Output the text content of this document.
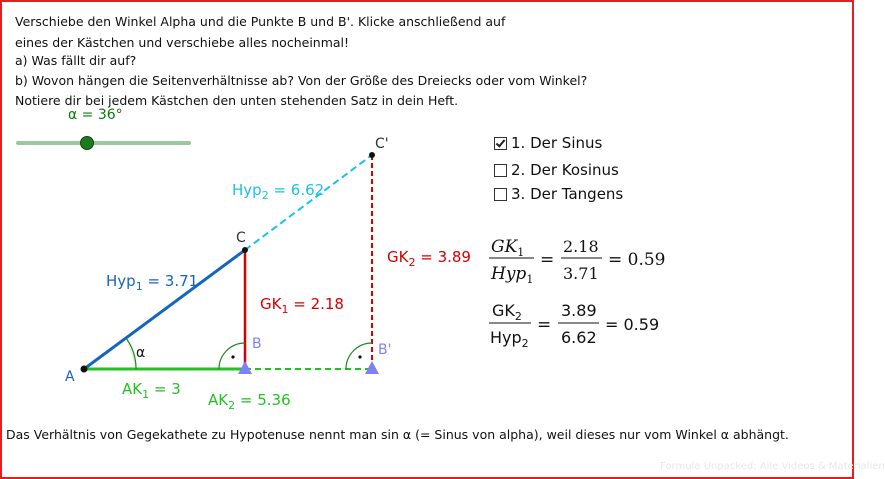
Verschiebe den Winkel Alpha und die Punkte B und B'. Klicke anschließend auf
eines der Kästchen und verschiebe alles nocheinmal!
a) Was fällt dir auf?
b) Wovon hängen die Seitenverhältnisse ab? Von der Größe des Dreiecks oder vom Winkel?
Notiere dir bei jedem Kästchen den unten stehenden Satz in dein Heft.
α = 36°
1. Der Sinus
2. Der Kosinus
3. Der Tangens
α
A
B
C
B'
C'
Hyp$_1$ = 3.71
Hyp$_2$ = 6.62
$GK_1 = 2.18$
$GK_2 = 3.89$
$AK_1 = 3$
$AK_2 = 5.36$
$GK_1$
Hyp$_1$
=
2.18
3.71
= 0.59
$GK_2$
Hyp$_2$
=
3.89
6.62
= 0.59
Das Verhältnis von Gegekathete zu Hypotenuse nennt man sin α (= Sinus von alpha), weil dieses nur vom Winkel α abhängt.
Formula Unpacked: Alle Videos & Materialien
